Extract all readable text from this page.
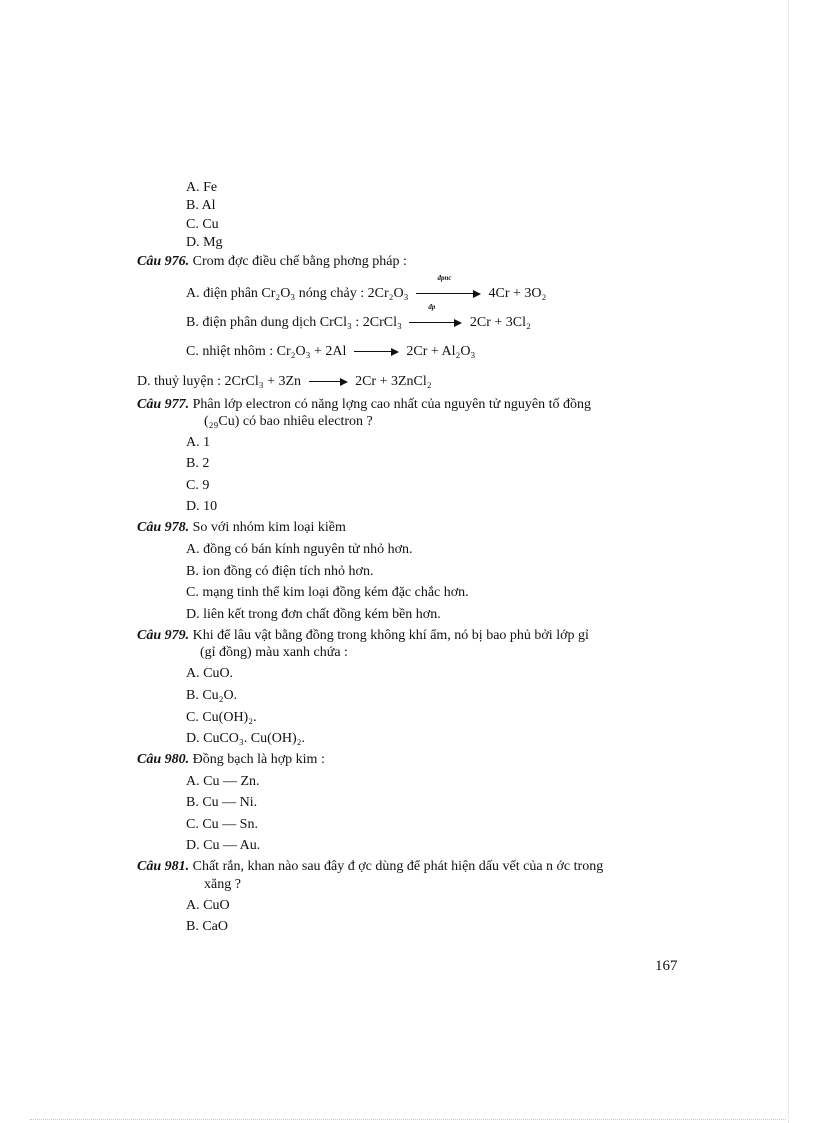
A. Fe
B. Al
C. Cu
D. Mg
Câu 976. Crom đợc điều chế bằng phơng pháp :
A. điện phân Cr₂O₃ nóng chảy : 2Cr₂O₃
đpnc
4Cr + 3O₂
B. điện phân dung dịch CrCl₃ : 2CrCl₃
đp
2Cr + 3Cl₂
C. nhiệt nhôm : Cr₂O₃ + 2Al	2Cr + Al₂O₃
D. thuỷ luyện : 2CrCl₃ + 3Zn	2Cr + 3ZnCl₂
Câu 977. Phân lớp electron có năng lợng cao nhất của nguyên tử nguyên tố đồng
(₂₉Cu) có bao nhiêu electron ?
A. 1
B. 2
C. 9
D. 10
Câu 978. So với nhóm kim loại kiềm
A. đồng có bán kính nguyên tử nhỏ hơn.
B. ion đồng có điện tích nhỏ hơn.
C. mạng tinh thể kim loại đồng kém đặc chắc hơn.
D. liên kết trong đơn chất đồng kém bền hơn.
Câu 979. Khi để lâu vật bằng đồng trong không khí ẩm, nó bị bao phủ bởi lớp gỉ
(gỉ đồng) màu xanh chứa :
A. CuO.
B. Cu₂O.
C. Cu(OH)₂.
D. CuCO₃. Cu(OH)₂.
Câu 980. Đồng bạch là hợp kim :
A. Cu — Zn.
B. Cu — Ni.
C. Cu — Sn.
D. Cu — Au.
Câu 981. Chất rắn, khan nào sau đây đ ợc dùng để phát hiện dấu vết của n ớc trong
xăng ?
A. CuO
B. CaO
167
